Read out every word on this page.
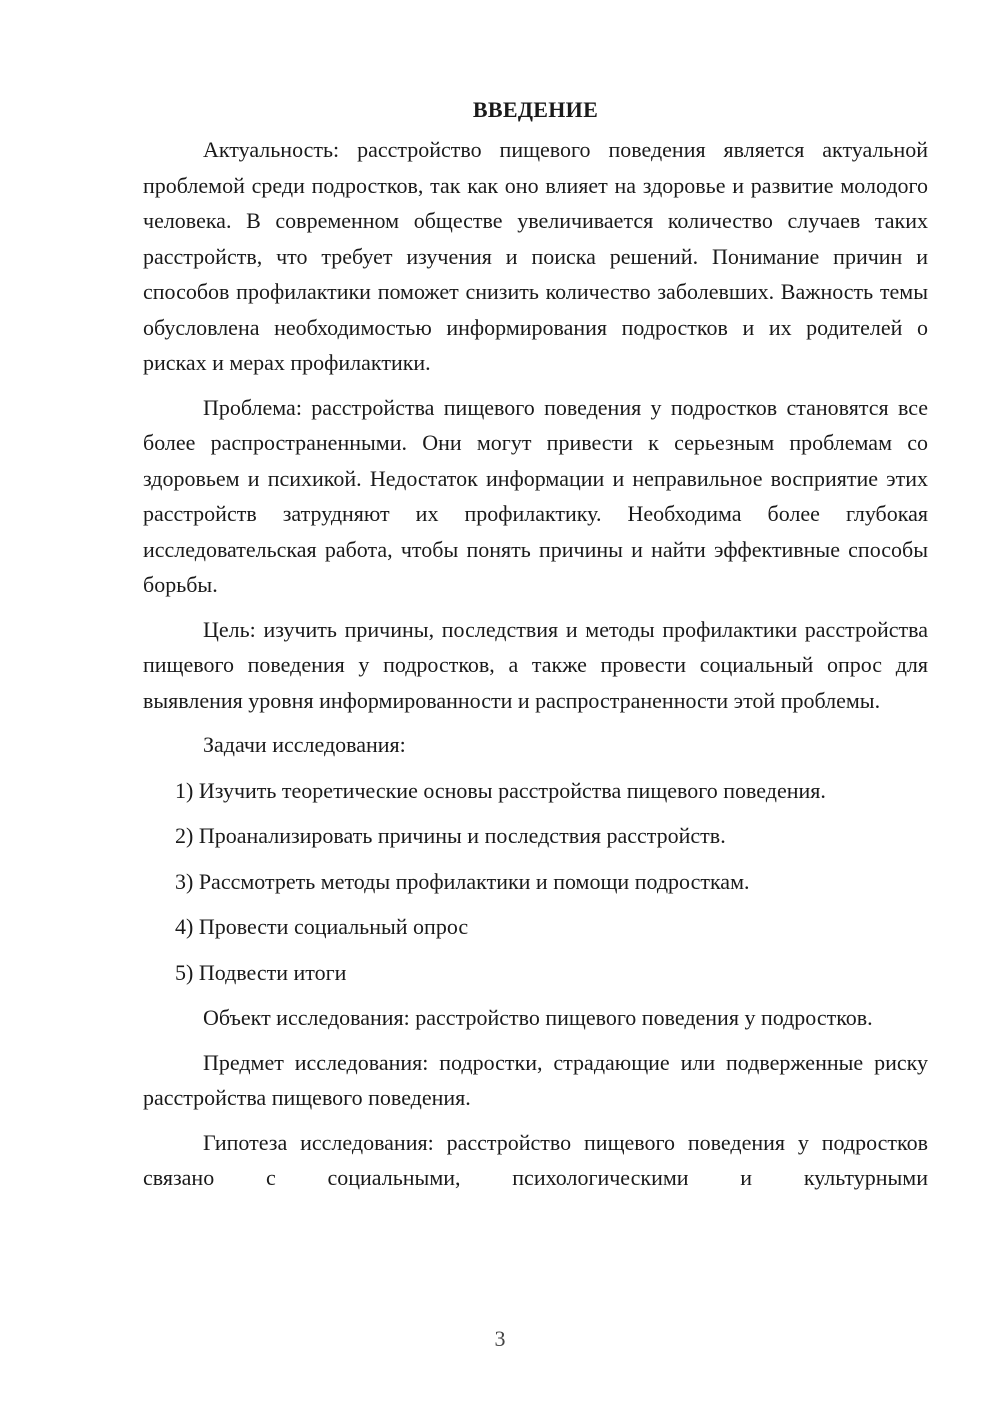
ВВЕДЕНИЕ

Актуальность: расстройство пищевого поведения является актуальной проблемой среди подростков, так как оно влияет на здоровье и развитие молодого человека. В современном обществе увеличивается количество случаев таких расстройств, что требует изучения и поиска решений. Понимание причин и способов профилактики поможет снизить количество заболевших. Важность темы обусловлена необходимостью информирования подростков и их родителей о рисках и мерах профилактики.

Проблема: расстройства пищевого поведения у подростков становятся все более распространенными. Они могут привести к серьезным проблемам со здоровьем и психикой. Недостаток информации и неправильное восприятие этих расстройств затрудняют их профилактику. Необходима более глубокая исследовательская работа, чтобы понять причины и найти эффективные способы борьбы.

Цель: изучить причины, последствия и методы профилактики расстройства пищевого поведения у подростков, а также провести социальный опрос для выявления уровня информированности и распространенности этой проблемы.

Задачи исследования:

1) Изучить теоретические основы расстройства пищевого поведения.
2) Проанализировать причины и последствия расстройств.
3) Рассмотреть методы профилактики и помощи подросткам.
4) Провести социальный опрос
5) Подвести итоги

Объект исследования: расстройство пищевого поведения у подростков.

Предмет исследования: подростки, страдающие или подверженные риску расстройства пищевого поведения.

Гипотеза исследования: расстройство пищевого поведения у подростков связано с социальными, психологическими и культурными

3
